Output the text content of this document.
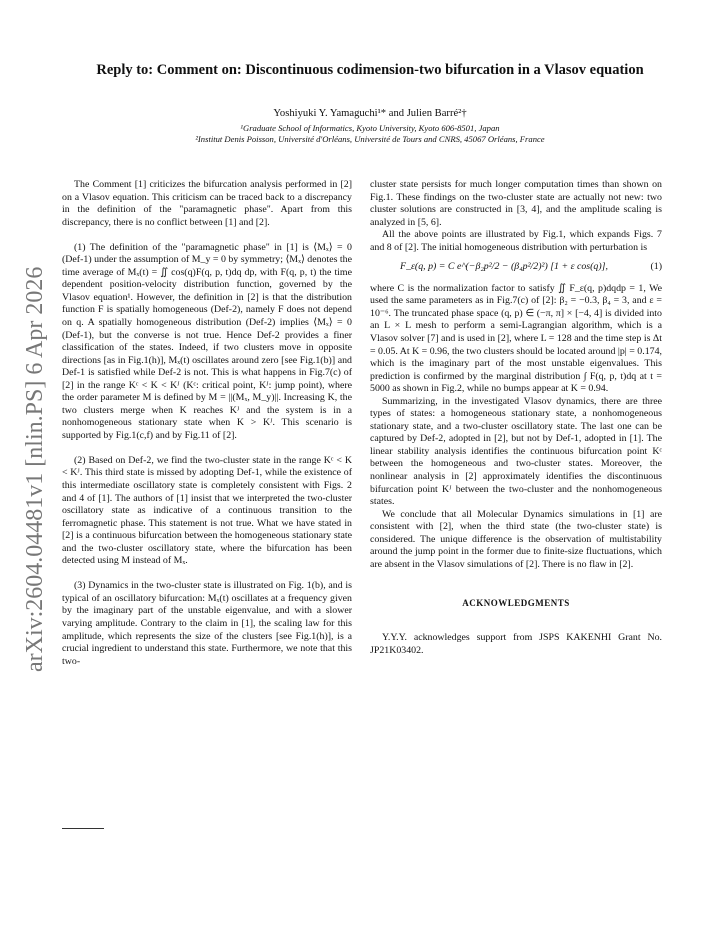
arXiv:2604.04481v1 [nlin.PS] 6 Apr 2026
Reply to: Comment on: Discontinuous codimension-two bifurcation in a Vlasov equation
Yoshiyuki Y. Yamaguchi¹* and Julien Barré²†
¹Graduate School of Informatics, Kyoto University, Kyoto 606-8501, Japan
²Institut Denis Poisson, Université d'Orléans, Université de Tours and CNRS, 45067 Orléans, France

The Comment [1] criticizes the bifurcation analysis performed in [2] on a Vlasov equation. This criticism can be traced back to a discrepancy in the definition of the "paramagnetic phase". Apart from this discrepancy, there is no conflict between [1] and [2].

(1) The definition of the "paramagnetic phase" in [1] is ⟨Mₓ⟩ = 0 (Def-1) under the assumption of M_y = 0 by symmetry; ⟨Mₓ⟩ denotes the time average of Mₓ(t) = ∬ cos(q)F(q, p, t)dq dp, with F(q, p, t) the time dependent position-velocity distribution function, governed by the Vlasov equation¹. However, the definition in [2] is that the distribution function F is spatially homogeneous (Def-2), namely F does not depend on q. A spatially homogeneous distribution (Def-2) implies ⟨Mₓ⟩ = 0 (Def-1), but the converse is not true. Hence Def-2 provides a finer classification of the states. Indeed, if two clusters move in opposite directions [as in Fig.1(h)], Mₓ(t) oscillates around zero [see Fig.1(b)] and Def-1 is satisfied while Def-2 is not. This is what happens in Fig.7(c) of [2] in the range Kᶜ < K < Kᴶ (Kᶜ: critical point, Kᴶ: jump point), where the order parameter M is defined by M = ||(Mₓ, M_y)||. Increasing K, the two clusters merge when K reaches Kᴶ and the system is in a nonhomogeneous stationary state when K > Kᴶ. This scenario is supported by Fig.1(c,f) and by Fig.11 of [2].

(2) Based on Def-2, we find the two-cluster state in the range Kᶜ < K < Kᴶ. This third state is missed by adopting Def-1, while the existence of this intermediate oscillatory state is completely consistent with Figs. 2 and 4 of [1]. The authors of [1] insist that we interpreted the two-cluster oscillatory state as indicative of a continuous transition to the ferromagnetic phase. This statement is not true. What we have stated in [2] is a continuous bifurcation between the homogeneous stationary state and the two-cluster oscillatory state, where the bifurcation has been detected using M instead of Mₓ.

(3) Dynamics in the two-cluster state is illustrated on Fig. 1(b), and is typical of an oscillatory bifurcation: Mₓ(t) oscillates at a frequency given by the imaginary part of the unstable eigenvalue, and with a slower varying amplitude. Contrary to the claim in [1], the scaling law for this amplitude, which represents the size of the clusters [see Fig.1(h)], is a crucial ingredient to understand this state. Furthermore, we note that this two-

cluster state persists for much longer computation times than shown on Fig.1. These findings on the two-cluster state are actually not new: two cluster solutions are constructed in [3, 4], and the amplitude scaling is analyzed in [5, 6].

All the above points are illustrated by Fig.1, which expands Figs. 7 and 8 of [2]. The initial homogeneous distribution with perturbation is

F_ε(q, p) = C e^(−β₂p²/2 − (β₄p²/2)²) [1 + ε cos(q)],	(1)

where C is the normalization factor to satisfy ∬ F_ε(q, p)dqdp = 1, We used the same parameters as in Fig.7(c) of [2]: β₂ = −0.3, β₄ = 3, and ε = 10⁻⁶. The truncated phase space (q, p) ∈ (−π, π] × [−4, 4] is divided into an L × L mesh to perform a semi-Lagrangian algorithm, which is a Vlasov solver [7] and is used in [2], where L = 128 and the time step is Δt = 0.05. At K = 0.96, the two clusters should be located around |p| = 0.174, which is the imaginary part of the most unstable eigenvalues. This prediction is confirmed by the marginal distribution ∫ F(q, p, t)dq at t = 5000 as shown in Fig.2, while no bumps appear at K = 0.94.

Summarizing, in the investigated Vlasov dynamics, there are three types of states: a homogeneous stationary state, a nonhomogeneous stationary state, and a two-cluster oscillatory state. The last one can be captured by Def-2, adopted in [2], but not by Def-1, adopted in [1]. The linear stability analysis identifies the continuous bifurcation point Kᶜ between the homogeneous and two-cluster states. Moreover, the nonlinear analysis in [2] approximately identifies the discontinuous bifurcation point Kᴶ between the two-cluster and the nonhomogeneous states.

We conclude that all Molecular Dynamics simulations in [1] are consistent with [2], when the third state (the two-cluster state) is considered. The unique difference is the observation of multistability around the jump point in the former due to finite-size fluctuations, which are absent in the Vlasov simulations of [2]. There is no flaw in [2].

ACKNOWLEDGMENTS

Y.Y.Y. acknowledges support from JSPS KAKENHI Grant No. JP21K03402.
